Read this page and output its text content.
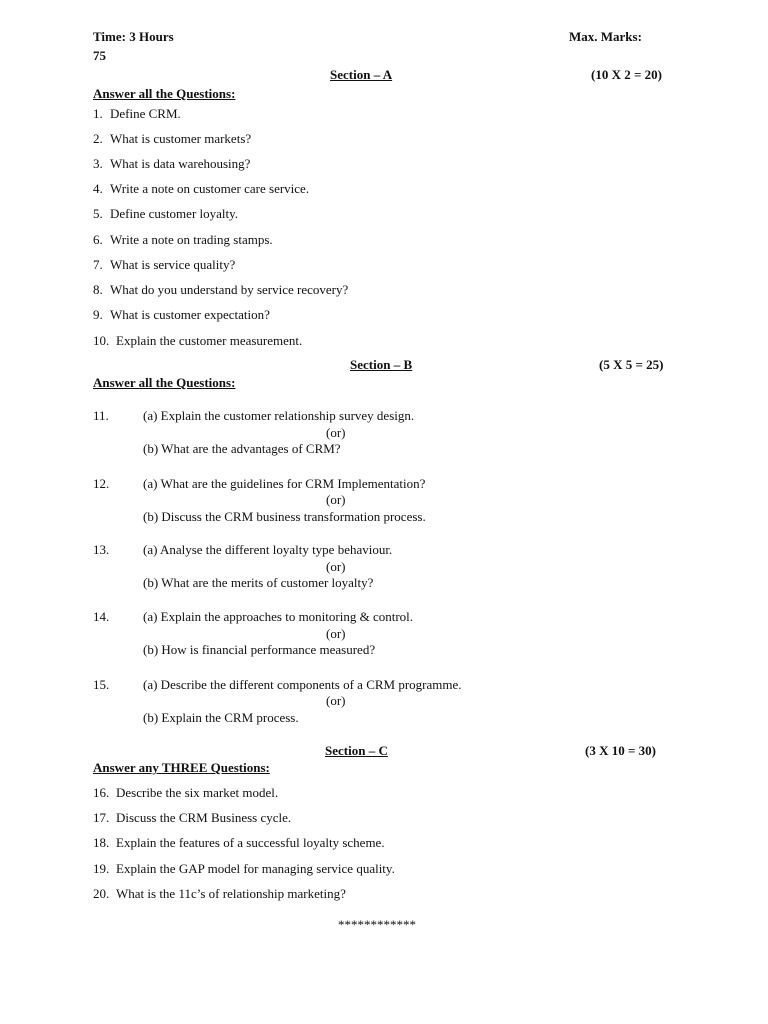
Time: 3 Hours	Max. Marks:
75
Section – A	(10 X 2 = 20)
Answer all the Questions:
1. Define CRM.
2. What is customer markets?
3. What is data warehousing?
4. Write a note on customer care service.
5. Define customer loyalty.
6. Write a note on trading stamps.
7. What is service quality?
8. What do you understand by service recovery?
9. What is customer expectation?
10. Explain the customer measurement.
Section – B	(5 X 5 = 25)
Answer all the Questions:
11.	(a) Explain the customer relationship survey design.
(or)
(b) What are the advantages of CRM?
12.	(a) What are the guidelines for CRM Implementation?
(or)
(b) Discuss the CRM business transformation process.
13.	(a) Analyse the different loyalty type behaviour.
(or)
(b) What are the merits of customer loyalty?
14.	(a) Explain the approaches to monitoring & control.
(or)
(b) How is financial performance measured?
15.	(a) Describe the different components of a CRM programme.
(or)
(b) Explain the CRM process.
Section – C	(3 X 10 = 30)
Answer any THREE Questions:
16. Describe the six market model.
17. Discuss the CRM Business cycle.
18. Explain the features of a successful loyalty scheme.
19. Explain the GAP model for managing service quality.
20. What is the 11c’s of relationship marketing?
************
